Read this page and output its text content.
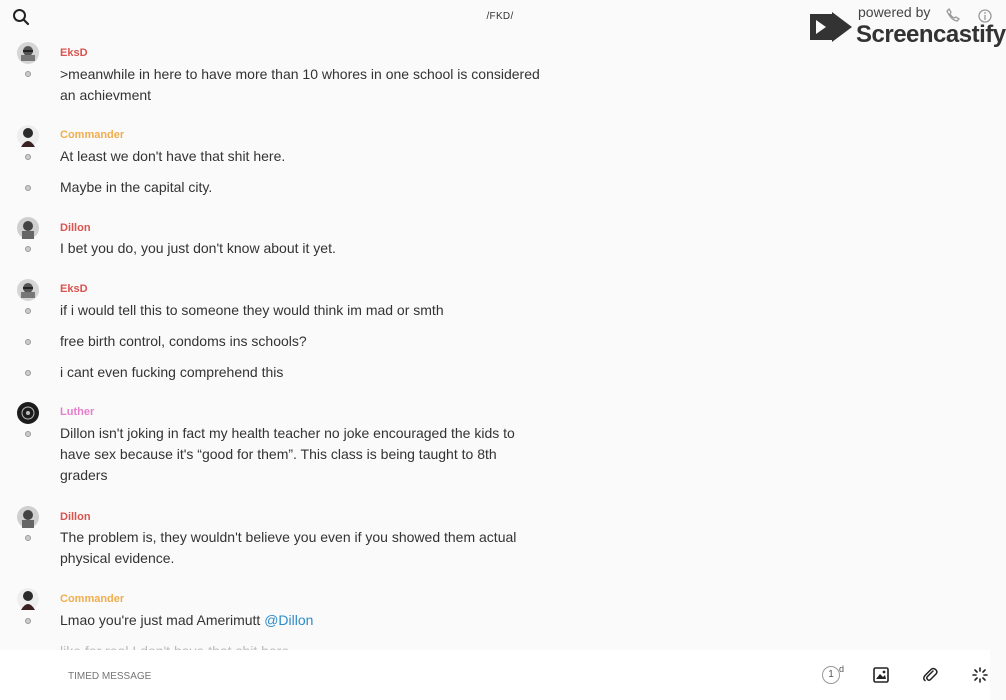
/FKD/	powered by
Screencastify
EksD
>meanwhile in here to have more than 10 whores in one school is considered
an achievment
Commander
At least we don't have that shit here.
Maybe in the capital city.
Dillon
I bet you do, you just don't know about it yet.
EksD
if i would tell this to someone they would think im mad or smth
free birth control, condoms ins schools?
i cant even fucking comprehend this
Luther
Dillon isn't joking in fact my health teacher no joke encouraged the kids to
have sex because it's “good for them”. This class is being taught to 8th
graders
Dillon
The problem is, they wouldn't believe you even if you showed them actual
physical evidence.
Commander
Lmao you're just mad Amerimutt @Dillon
TIMED MESSAGE
1 d
